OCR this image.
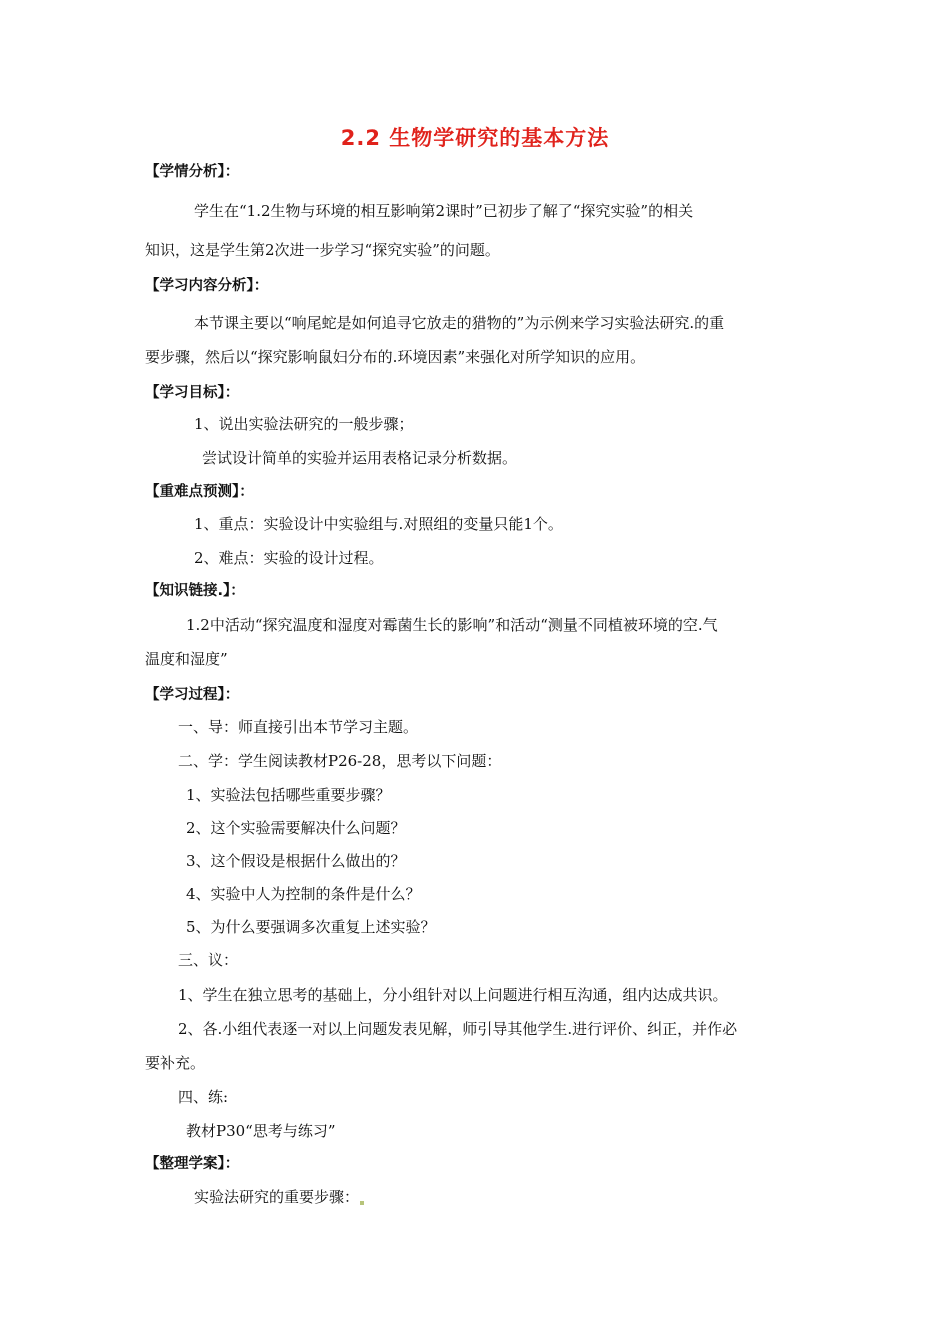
2.2 生物学研究的基本方法
【学情分析】：
学生在“1.2生物与环境的相互影响第2课时”已初步了解了“探究实验”的相关
知识，这是学生第2次进一步学习“探究实验”的问题。
【学习内容分析】：
本节课主要以“响尾蛇是如何追寻它放走的猎物的”为示例来学习实验法研究.的重
要步骤，然后以“探究影响鼠妇分布的.环境因素”来强化对所学知识的应用。
【学习目标】：
1、说出实验法研究的一般步骤；
尝试设计简单的实验并运用表格记录分析数据。
【重难点预测】：
1、重点：实验设计中实验组与.对照组的变量只能1个。
2、难点：实验的设计过程。
【知识链接.】：
1.2中活动“探究温度和湿度对霉菌生长的影响”和活动“测量不同植被环境的空.气
温度和湿度”
【学习过程】：
一、导：师直接引出本节学习主题。
二、学：学生阅读教材P26-28，思考以下问题：
1、实验法包括哪些重要步骤？
2、这个实验需要解决什么问题？
3、这个假设是根据什么做出的？
4、实验中人为控制的条件是什么？
5、为什么要强调多次重复上述实验？
三、议：
1、学生在独立思考的基础上，分小组针对以上问题进行相互沟通，组内达成共识。
2、各.小组代表逐一对以上问题发表见解，师引导其他学生.进行评价、纠正，并作必
要补充。
四、练:
教材P30“思考与练习”
【整理学案】：
实验法研究的重要步骤：
